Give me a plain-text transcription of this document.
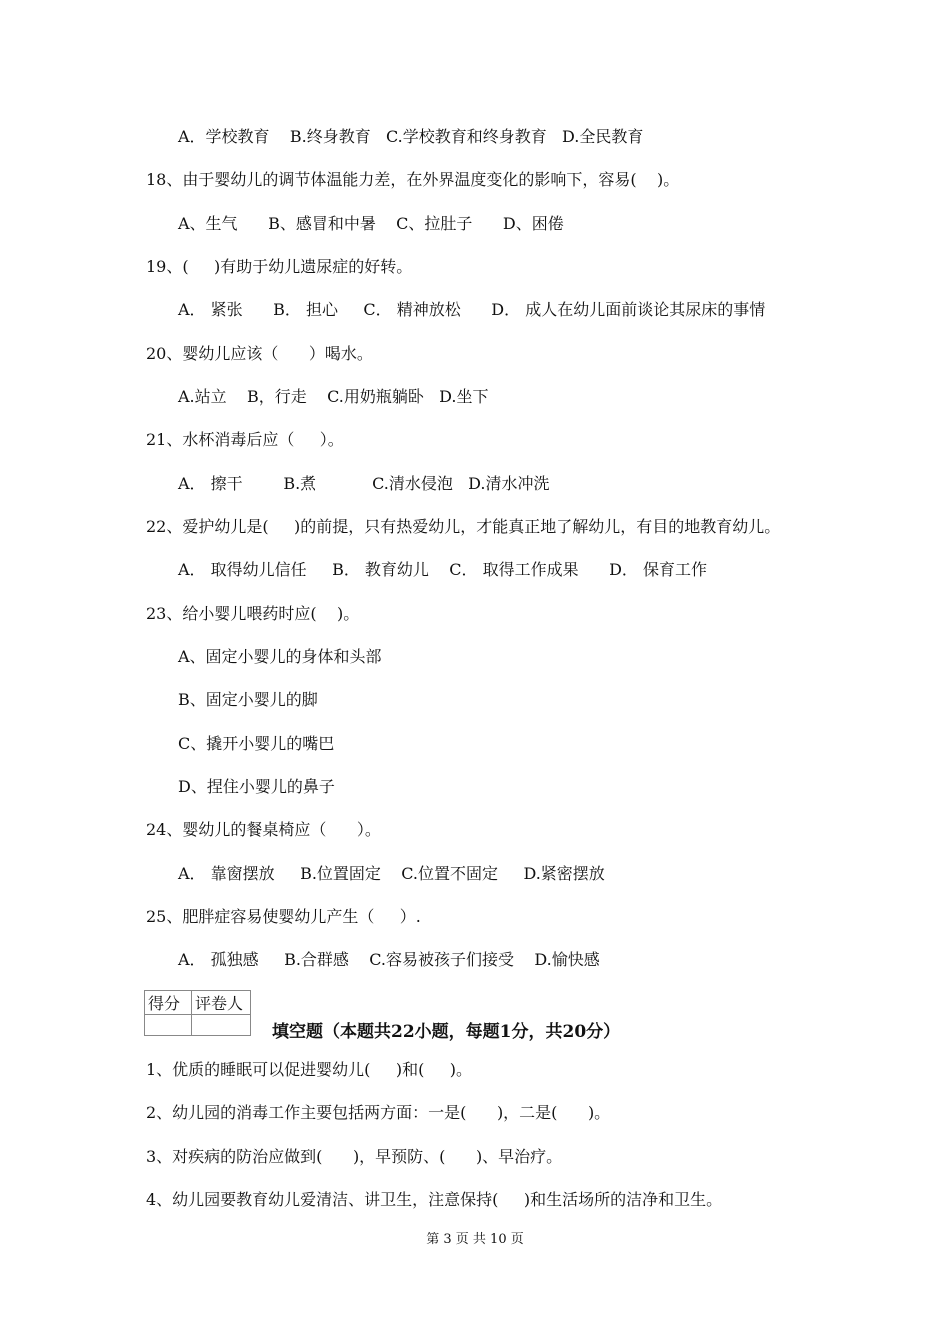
A．学校教育    B.终身教育   C.学校教育和终身教育   D.全民教育
18、由于婴幼儿的调节体温能力差，在外界温度变化的影响下，容易(    )。
A、生气      B、感冒和中暑    C、拉肚子      D、困倦
19、(     )有助于幼儿遗尿症的好转。
A． 紧张      B． 担心     C． 精神放松      D． 成人在幼儿面前谈论其尿床的事情
20、婴幼儿应该（      ）喝水。
A.站立    B，行走    C.用奶瓶躺卧   D.坐下
21、水杯消毒后应（     ）。
A． 擦干        B.煮           C.清水侵泡   D.清水冲洗
22、爱护幼儿是(     )的前提，只有热爱幼儿，才能真正地了解幼儿，有目的地教育幼儿。
A． 取得幼儿信任     B． 教育幼儿    C． 取得工作成果      D． 保育工作
23、给小婴儿喂药时应(    )。
A、固定小婴儿的身体和头部
B、固定小婴儿的脚
C、撬开小婴儿的嘴巴
D、捏住小婴儿的鼻子
24、婴幼儿的餐桌椅应（      ）。
A． 靠窗摆放     B.位置固定    C.位置不固定     D.紧密摆放
25、肥胖症容易使婴幼儿产生（     ）.
A． 孤独感     B.合群感    C.容易被孩子们接受    D.愉快感
得分	评卷人

填空题（本题共22小题，每题1分，共20分）
1、优质的睡眠可以促进婴幼儿(     )和(     )。
2、幼儿园的消毒工作主要包括两方面：一是(      )，二是(      )。
3、对疾病的防治应做到(      )，早预防、(      )、早治疗。
4、幼儿园要教育幼儿爱清洁、讲卫生，注意保持(     )和生活场所的洁净和卫生。
第 3 页 共 10 页
